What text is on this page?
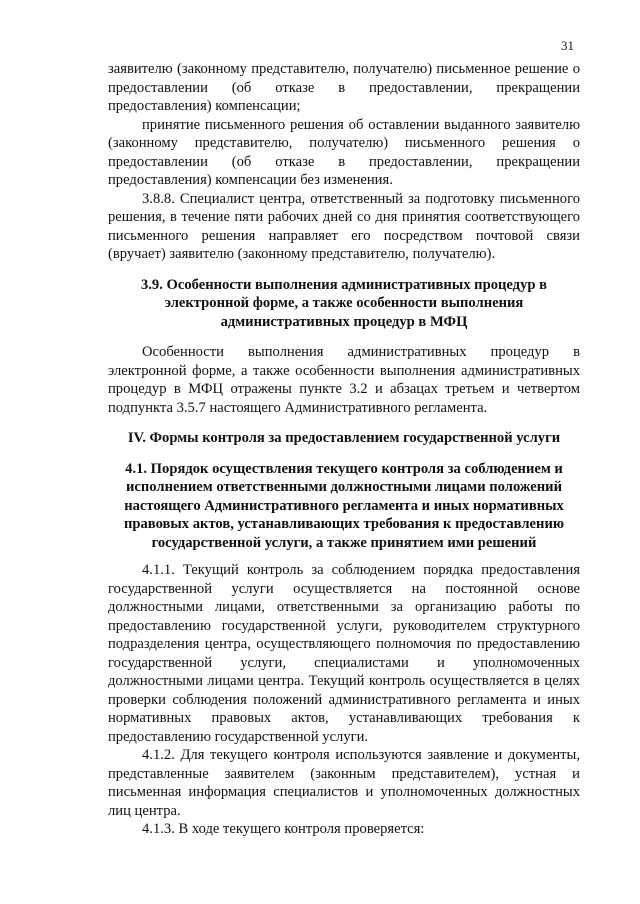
31

заявителю (законному представителю, получателю) письменное решение о предоставлении (об отказе в предоставлении, прекращении предоставления) компенсации;

принятие письменного решения об оставлении выданного заявителю (законному представителю, получателю) письменного решения о предоставлении (об отказе в предоставлении, прекращении предоставления) компенсации без изменения.

3.8.8. Специалист центра, ответственный за подготовку письменного решения, в течение пяти рабочих дней со дня принятия соответствующего письменного решения направляет его посредством почтовой связи (вручает) заявителю (законному представителю, получателю).

3.9. Особенности выполнения административных процедур в электронной форме, а также особенности выполнения административных процедур в МФЦ

Особенности выполнения административных процедур в электронной форме, а также особенности выполнения административных процедур в МФЦ отражены пункте 3.2 и абзацах третьем и четвертом подпункта 3.5.7 настоящего Административного регламента.

IV. Формы контроля за предоставлением государственной услуги

4.1. Порядок осуществления текущего контроля за соблюдением и исполнением ответственными должностными лицами положений настоящего Административного регламента и иных нормативных правовых актов, устанавливающих требования к предоставлению государственной услуги, а также принятием ими решений

4.1.1. Текущий контроль за соблюдением порядка предоставления государственной услуги осуществляется на постоянной основе должностными лицами, ответственными за организацию работы по предоставлению государственной услуги, руководителем структурного подразделения центра, осуществляющего полномочия по предоставлению государственной услуги, специалистами и уполномоченных должностными лицами центра. Текущий контроль осуществляется в целях проверки соблюдения положений административного регламента и иных нормативных правовых актов, устанавливающих требования к предоставлению государственной услуги.

4.1.2. Для текущего контроля используются заявление и документы, представленные заявителем (законным представителем), устная и письменная информация специалистов и уполномоченных должностных лиц центра.

4.1.3. В ходе текущего контроля проверяется:
